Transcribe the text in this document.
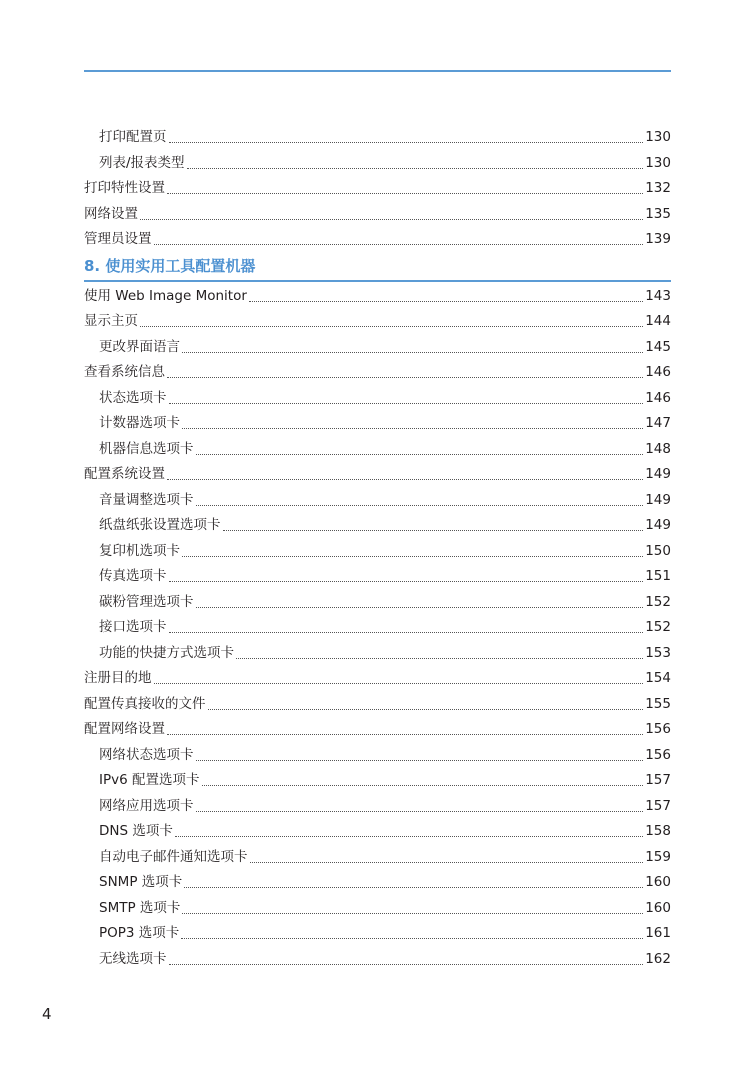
打印配置页	130
列表/报表类型	130
打印特性设置	132
网络设置	135
管理员设置	139
8. 使用实用工具配置机器
使用 Web Image Monitor	143
显示主页	144
更改界面语言	145
查看系统信息	146
状态选项卡	146
计数器选项卡	147
机器信息选项卡	148
配置系统设置	149
音量调整选项卡	149
纸盘纸张设置选项卡	149
复印机选项卡	150
传真选项卡	151
碳粉管理选项卡	152
接口选项卡	152
功能的快捷方式选项卡	153
注册目的地	154
配置传真接收的文件	155
配置网络设置	156
网络状态选项卡	156
IPv6 配置选项卡	157
网络应用选项卡	157
DNS 选项卡	158
自动电子邮件通知选项卡	159
SNMP 选项卡	160
SMTP 选项卡	160
POP3 选项卡	161
无线选项卡	162
4
